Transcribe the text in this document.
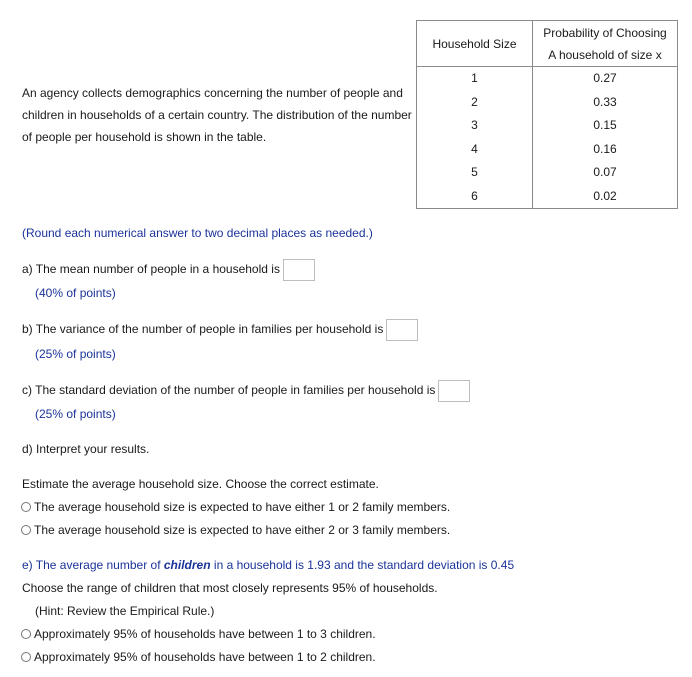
An agency collects demographics concerning the number of people and children in households of a certain country. The distribution of the number of people per household is shown in the table.
Household Size	Probability of Choosing
A household of size x

1	0.27
2	0.33
3	0.15
4	0.16
5	0.07
6	0.02
(Round each numerical answer to two decimal places as needed.)
a) The mean number of people in a household is
(40% of points)
b) The variance of the number of people in families per household is
(25% of points)
c) The standard deviation of the number of people in families per household is
(25% of points)
d) Interpret your results.
Estimate the average household size. Choose the correct estimate.
The average household size is expected to have either 1 or 2 family members.
The average household size is expected to have either 2 or 3 family members.
e) The average number of children in a household is 1.93 and the standard deviation is 0.45
Choose the range of children that most closely represents 95% of households.
(Hint: Review the Empirical Rule.)
Approximately 95% of households have between 1 to 3 children.
Approximately 95% of households have between 1 to 2 children.
